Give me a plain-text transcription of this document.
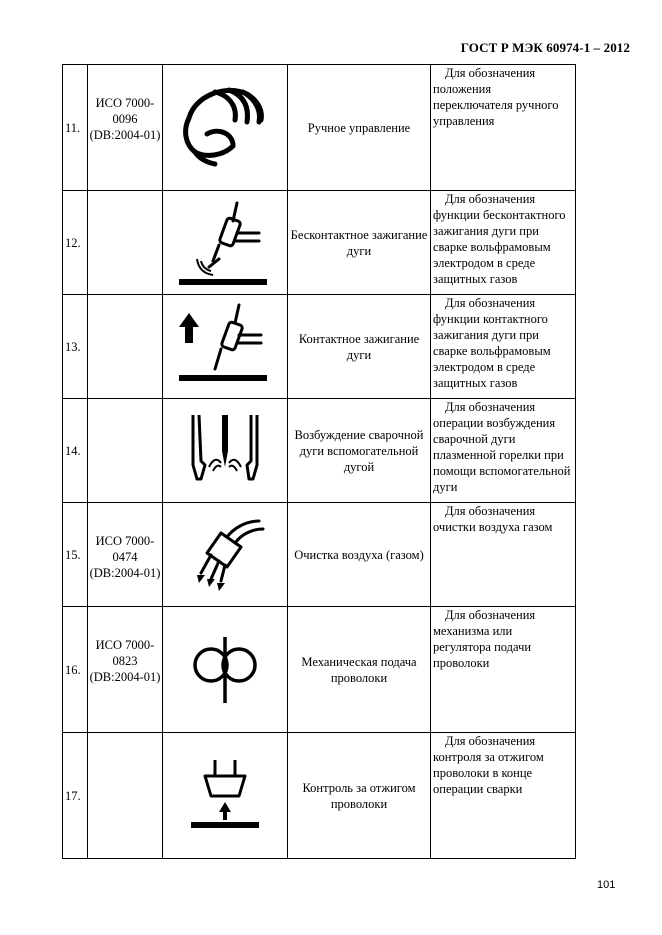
ГОСТ Р МЭК 60974-1 – 2012
11.	ИСО 7000-0096 (DB:2004-01)		Ручное управление	Для обозначения положения переключателя ручного управления

12.			Бесконтактное зажигание дуги	Для обозначения функции бесконтактного зажигания дуги при сварке вольфрамовым электродом в среде защитных газов

13.			Контактное зажигание дуги	Для обозначения функции контактного зажигания дуги при сварке вольфрамовым электродом в среде защитных газов

14.			Возбуждение сварочной дуги вспомогательной дугой	Для обозначения операции возбуждения сварочной дуги плазменной горелки при помощи вспомогательной дуги

15.	ИСО 7000-0474 (DB:2004-01)		Очистка воздуха (газом)	Для обозначения очистки воздуха газом

16.	ИСО 7000-0823 (DB:2004-01)		Механическая подача проволоки	Для обозначения механизма или регулятора подачи проволоки

17.			Контроль за отжигом проволоки	Для обозначения контроля за отжигом проволоки в конце операции сварки
101
